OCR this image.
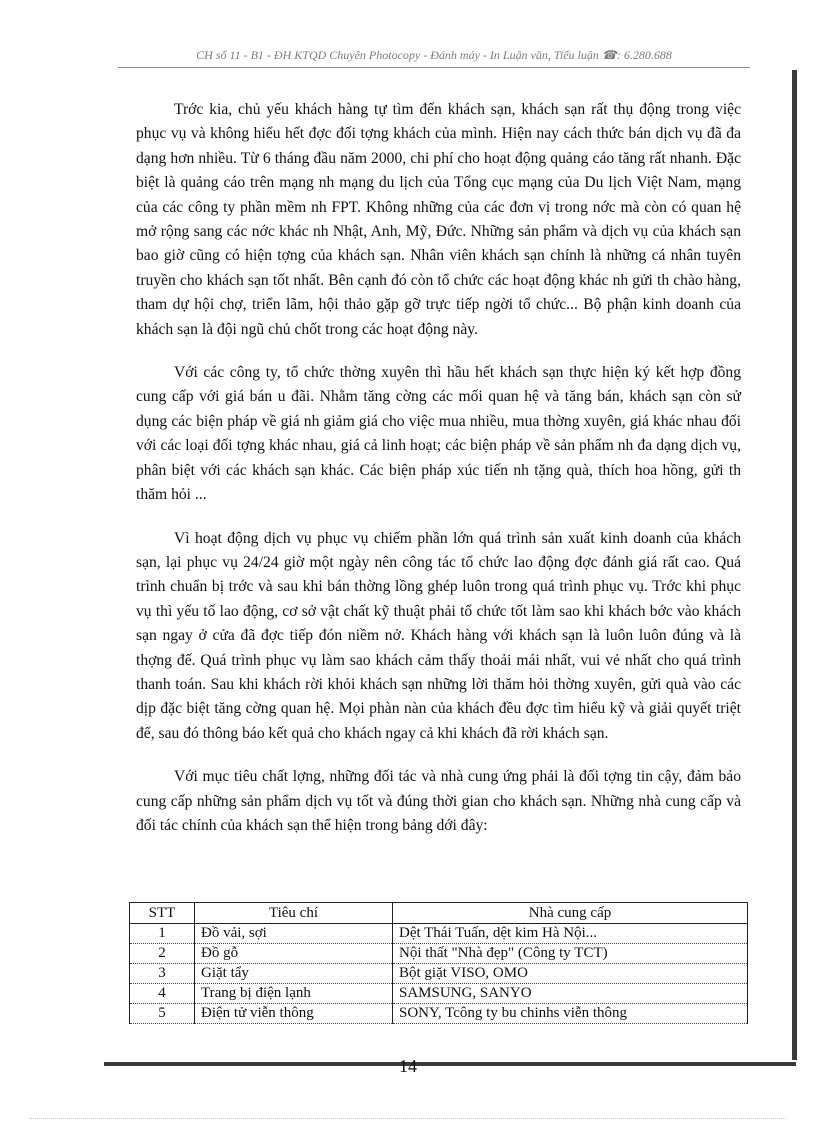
CH số 11 - B1 - ĐH KTQD Chuyên Photocopy - Đánh máy - In Luận văn, Tiểu luận ☎: 6.280.688

Trớc kia, chủ yếu khách hàng tự tìm đến khách sạn, khách sạn rất thụ động trong việc phục vụ và không hiểu hết đợc đối tợng khách của mình. Hiện nay cách thức bán dịch vụ đã đa dạng hơn nhiều. Từ 6 tháng đầu năm 2000, chi phí cho hoạt động quảng cáo tăng rất nhanh. Đặc biệt là quảng cáo trên mạng nh mạng du lịch của Tổng cục mạng của Du lịch Việt Nam, mạng của các công ty phần mềm nh FPT. Không những của các đơn vị trong nớc mà còn có quan hệ mở rộng sang các nớc khác nh Nhật, Anh, Mỹ, Đức. Những sản phẩm và dịch vụ của khách sạn bao giờ cũng có hiện tợng của khách sạn. Nhân viên khách sạn chính là những cá nhân tuyên truyền cho khách sạn tốt nhất. Bên cạnh đó còn tổ chức các hoạt động khác nh gửi th chào hàng, tham dự hội chợ, triển lãm, hội thảo gặp gỡ trực tiếp ngời tổ chức... Bộ phận kinh doanh của khách sạn là đội ngũ chủ chốt trong các hoạt động này.

Với các công ty, tổ chức thờng xuyên thì hầu hết khách sạn thực hiện ký kết hợp đồng cung cấp với giá bán u đãi. Nhằm tăng cờng các mối quan hệ và tăng bán, khách sạn còn sử dụng các biện pháp về giá nh giảm giá cho việc mua nhiều, mua thờng xuyên, giá khác nhau đối với các loại đối tợng khác nhau, giá cả linh hoạt; các biện pháp về sản phẩm nh đa dạng dịch vụ, phân biệt với các khách sạn khác. Các biện pháp xúc tiến nh tặng quà, thích hoa hồng, gửi th thăm hỏi ...

Vì hoạt động dịch vụ phục vụ chiếm phần lớn quá trình sản xuất kinh doanh của khách sạn, lại phục vụ 24/24 giờ một ngày nên công tác tổ chức lao động đợc đánh giá rất cao. Quá trình chuẩn bị trớc và sau khi bán thờng lồng ghép luôn trong quá trình phục vụ. Trớc khi phục vụ thì yếu tố lao động, cơ sở vật chất kỹ thuật phải tổ chức tốt làm sao khi khách bớc vào khách sạn ngay ở cửa đã đợc tiếp đón niềm nở. Khách hàng với khách sạn là luôn luôn đúng và là thợng đế. Quá trình phục vụ làm sao khách cảm thấy thoải mái nhất, vui vẻ nhất cho quá trình thanh toán. Sau khi khách rời khỏi khách sạn những lời thăm hỏi thờng xuyên, gửi quà vào các dịp đặc biệt tăng cờng quan hệ. Mọi phàn nàn của khách đều đợc tìm hiểu kỹ và giải quyết triệt để, sau đó thông báo kết quả cho khách ngay cả khi khách đã rời khách sạn.

Với mục tiêu chất lợng, những đối tác và nhà cung ứng phải là đối tợng tin cậy, đảm bảo cung cấp những sản phẩm dịch vụ tốt và đúng thời gian cho khách sạn. Những nhà cung cấp và đối tác chính của khách sạn thể hiện trong bảng dới đây:

STT	Tiêu chí	Nhà cung cấp
1	Đồ vải, sợi	Dệt Thái Tuấn, dệt kim Hà Nội...
2	Đồ gỗ	Nội thất "Nhà đẹp" (Công ty TCT)
3	Giặt tẩy	Bột giặt VISO, OMO
4	Trang bị điện lạnh	SAMSUNG, SANYO
5	Điện tử viễn thông	SONY, Tcông ty bu chinhs viễn thông
14
